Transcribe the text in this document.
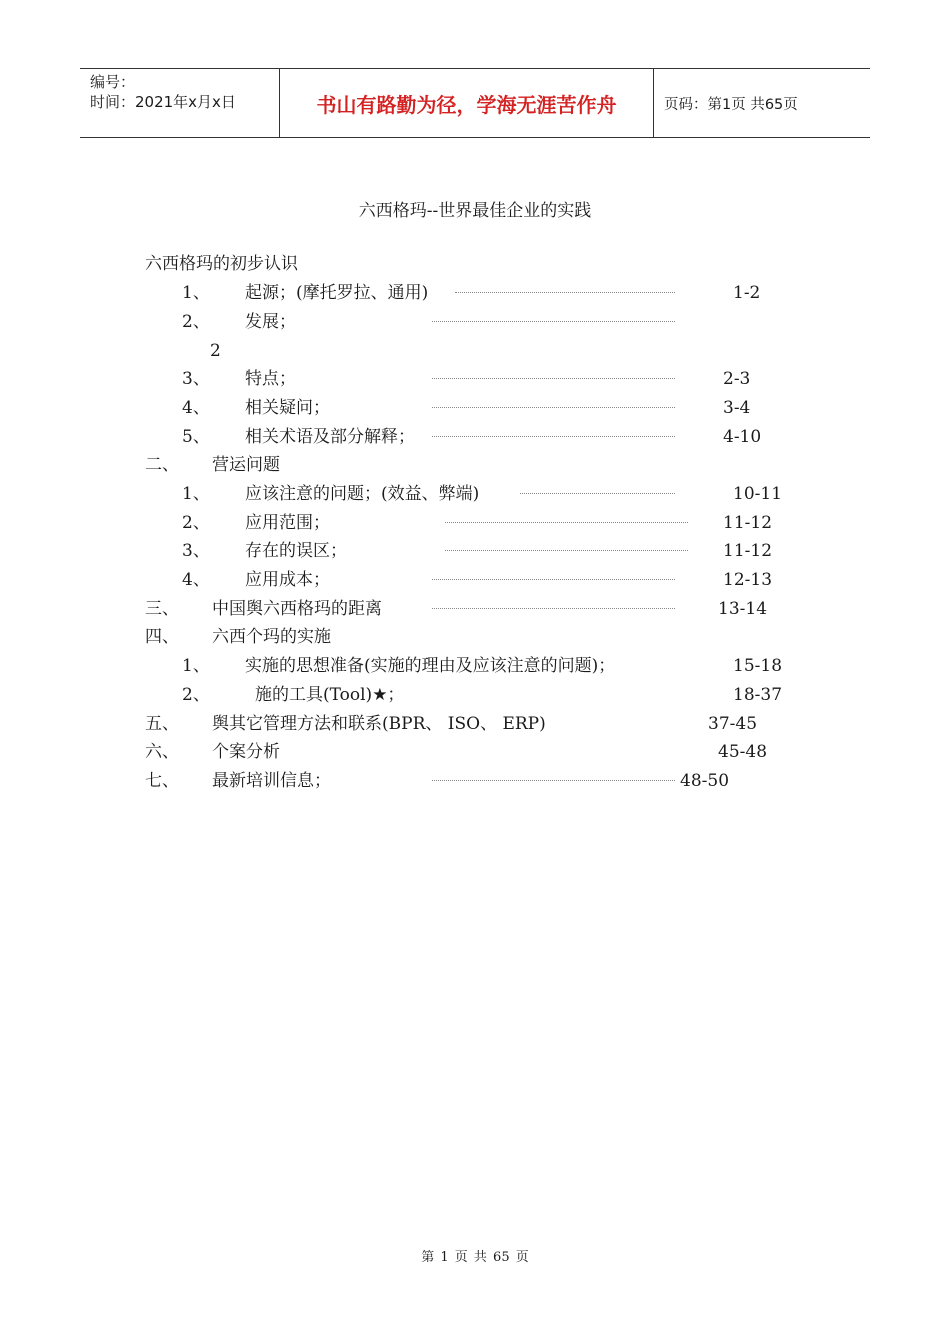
编号：
时间：2021年x月x日	书山有路勤为径，学海无涯苦作舟	页码：第1页 共65页
六西格玛--世界最佳企业的实践
六西格玛的初步认识
1、 起源；(摩托罗拉、通用)	1-2
2、 发展；
2
3、 特点；	2-3
4、 相关疑问；	3-4
5、 相关术语及部分解释；	4-10
二、 营运问题
1、 应该注意的问题；(效益、弊端)	10-11
2、 应用范围；	11-12
3、 存在的误区；	11-12
4、 应用成本；	12-13
三、 中国舆六西格玛的距离	13-14
四、 六西个玛的实施
1、 实施的思想准备(实施的理由及应该注意的问题)；	15-18
2、	施的工具(Tool)★；	18-37
五、 舆其它管理方法和联系(BPR、 ISO、 ERP)	37-45
六、 个案分析	45-48
七、 最新培训信息；	48-50
第 1 页 共 65 页
